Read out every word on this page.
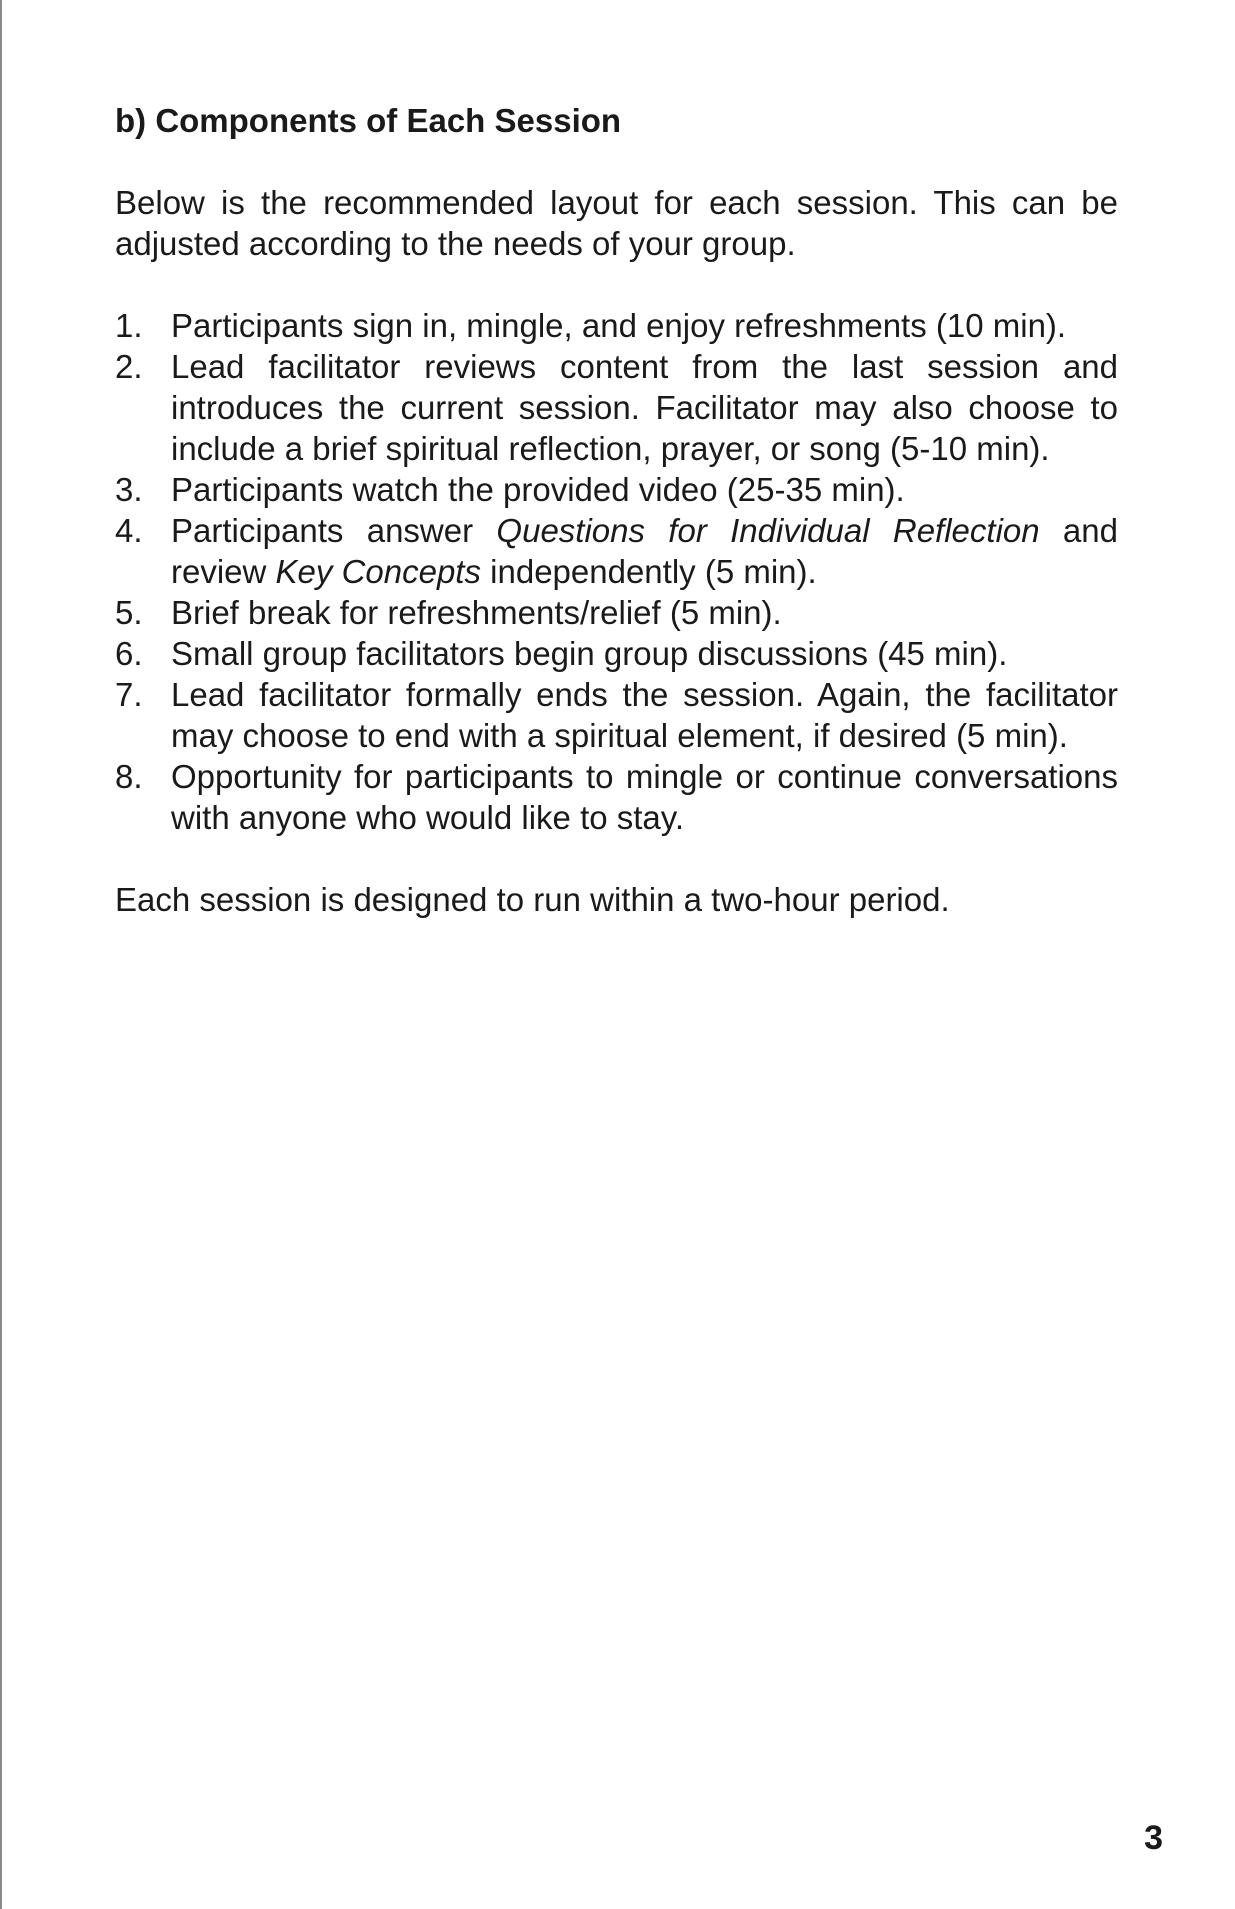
b) Components of Each Session

Below is the recommended layout for each session. This can be adjusted according to the needs of your group.

1. Participants sign in, mingle, and enjoy refreshments (10 min).
2. Lead facilitator reviews content from the last session and introduces the current session. Facilitator may also choose to include a brief spiritual reflection, prayer, or song (5-10 min).
3. Participants watch the provided video (25-35 min).
4. Participants answer Questions for Individual Reflection and review Key Concepts independently (5 min).
5. Brief break for refreshments/relief (5 min).
6. Small group facilitators begin group discussions (45 min).
7. Lead facilitator formally ends the session. Again, the facilitator may choose to end with a spiritual element, if desired (5 min).
8. Opportunity for participants to mingle or continue conversations with anyone who would like to stay.

Each session is designed to run within a two-hour period.

3
